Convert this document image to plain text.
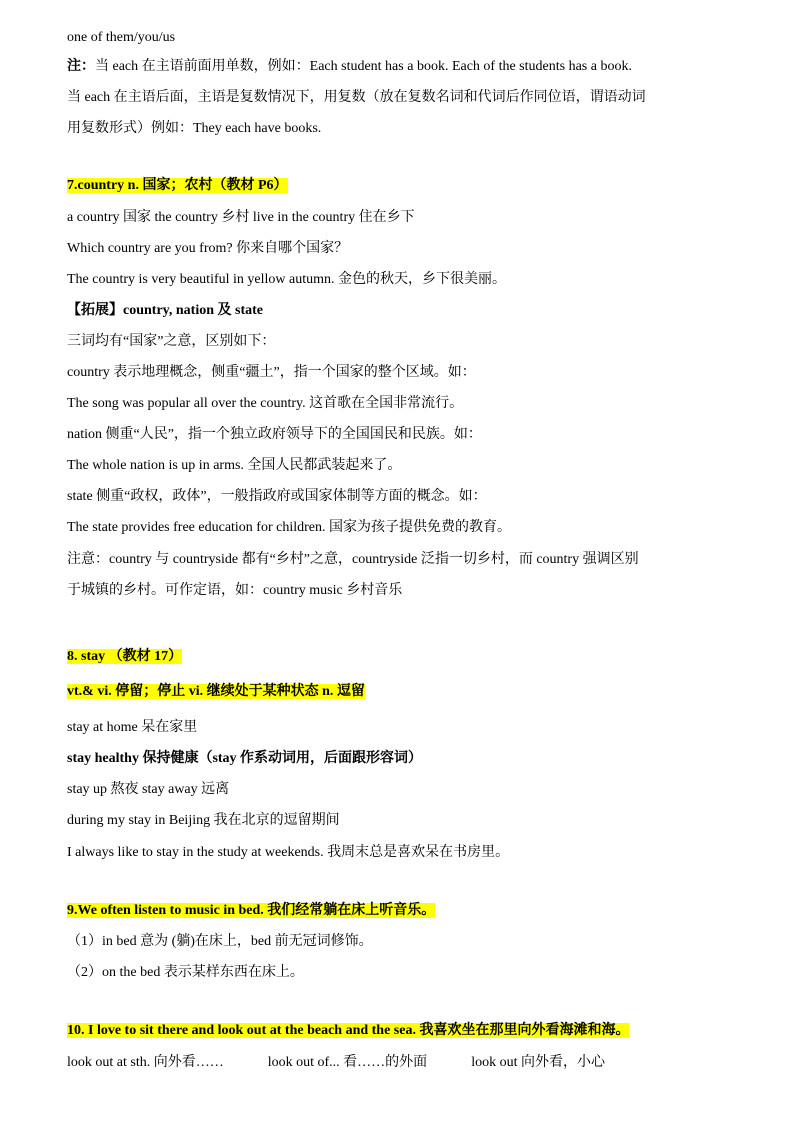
one of them/you/us
注：当 each 在主语前面用单数，例如：Each student has a book. Each of the students has a book.
当 each 在主语后面，主语是复数情况下，用复数（放在复数名词和代词后作同位语，谓语动词
用复数形式）例如：They each have books.
7.country n. 国家；农村（教材 P6）
a country 国家 the country 乡村 live in the country 住在乡下
Which country are you from? 你来自哪个国家？
The country is very beautiful in yellow autumn. 金色的秋天，乡下很美丽。
【拓展】country, nation 及 state
三词均有“国家”之意，区别如下：
country 表示地理概念，侧重“疆土”，指一个国家的整个区域。如：
The song was popular all over the country. 这首歌在全国非常流行。
nation 侧重“人民”，指一个独立政府领导下的全国国民和民族。如：
The whole nation is up in arms. 全国人民都武装起来了。
state 侧重“政权，政体”，一般指政府或国家体制等方面的概念。如：
The state provides free education for children. 国家为孩子提供免费的教育。
注意：country 与 countryside 都有“乡村”之意，countryside 泛指一切乡村，而 country 强调区别
于城镇的乡村。可作定语，如：country music 乡村音乐
8. stay （教材 17）
vt.& vi. 停留；停止 vi. 继续处于某种状态 n. 逗留
stay at home 呆在家里
stay healthy 保持健康（stay 作系动词用，后面跟形容词）
stay up 熬夜 stay away 远离
during my stay in Beijing 我在北京的逗留期间
I always like to stay in the study at weekends. 我周末总是喜欢呆在书房里。
9.We often listen to music in bed. 我们经常躺在床上听音乐。
（1）in bed 意为 (躺)在床上，bed 前无冠词修饰。
（2）on the bed 表示某样东西在床上。
10. I love to sit there and look out at the beach and the sea. 我喜欢坐在那里向外看海滩和海。
look out at sth. 向外看……	look out of... 看……的外面	look out 向外看，小心
